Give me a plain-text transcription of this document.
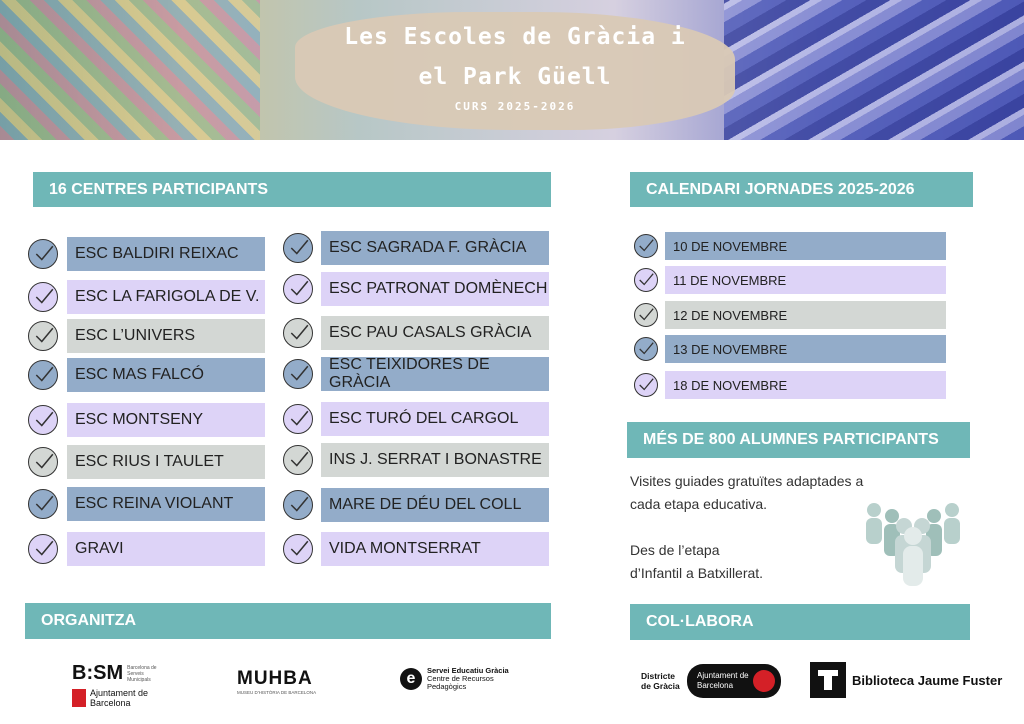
Les Escoles de Gràcia i
el Park Güell
CURS 2025-2026
16 CENTRES PARTICIPANTS
ESC BALDIRI REIXAC
ESC LA FARIGOLA DE V.
ESC L’UNIVERS
ESC MAS FALCÓ
ESC MONTSENY
ESC RIUS I TAULET
ESC REINA VIOLANT
GRAVI
ESC SAGRADA F. GRÀCIA
ESC PATRONAT DOMÈNECH
ESC PAU CASALS GRÀCIA
ESC TEIXIDORES DE GRÀCIA
ESC TURÓ DEL CARGOL
INS J. SERRAT I BONASTRE
MARE DE DÉU DEL COLL
VIDA MONTSERRAT
CALENDARI JORNADES 2025-2026
10 DE NOVEMBRE
11 DE NOVEMBRE
12 DE NOVEMBRE
13 DE NOVEMBRE
18 DE NOVEMBRE
MÉS DE 800 ALUMNES PARTICIPANTS
Visites guiades gratuïtes adaptades a
cada etapa educativa.
Des de l’etapa
d’Infantil a Batxillerat.
ORGANITZA
B:SM Barcelona de Serveis Municipals
Ajuntament de Barcelona
MUHBA
MUSEU D'HISTÒRIA DE BARCELONA
e	Servei Educatiu Gràcia
Centre de Recursos Pedagògics
COL·LABORA
Districte de Gràcia
Ajuntament de Barcelona	Biblioteca Jaume Fuster
